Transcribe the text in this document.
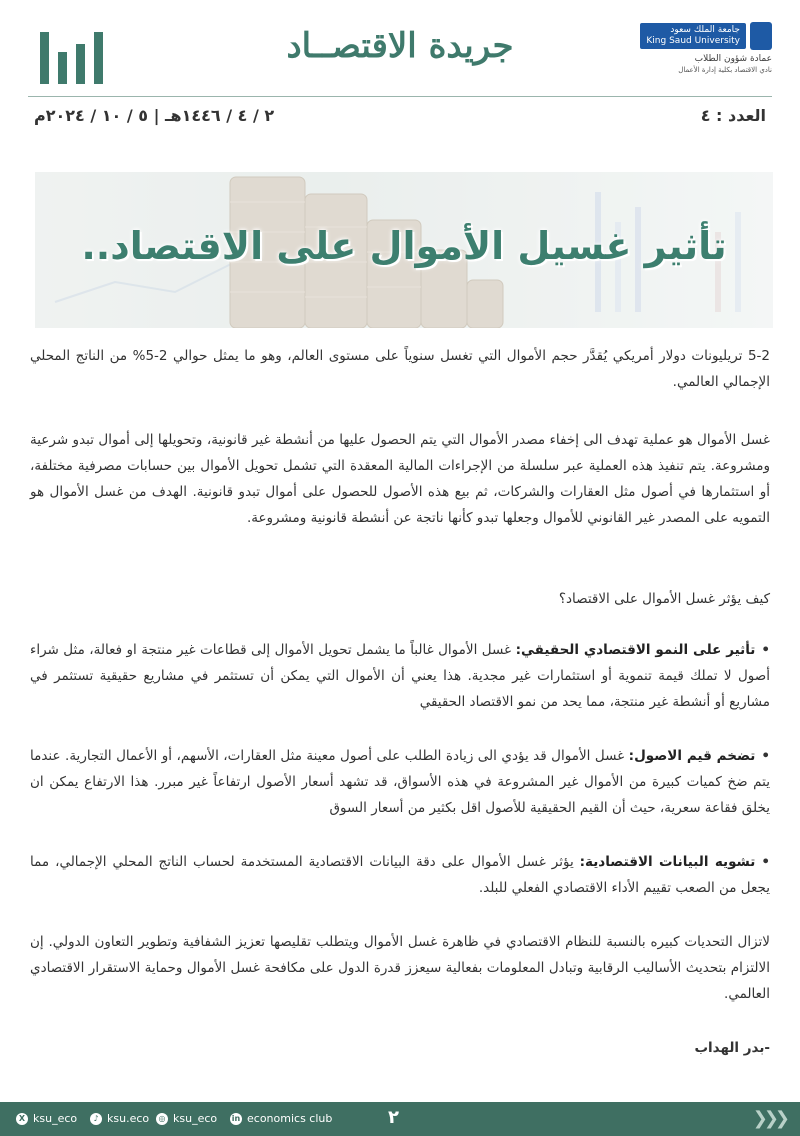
جريدة الاقتصــاد	جامعة الملك سعود
King Saud University
عمادة شؤون الطلاب
نادي الاقتصاد بكلية إدارة الأعمال
العدد : ٤
٢ / ٤ / ١٤٤٦هـ | ٥ / ١٠ / ٢٠٢٤م
تأثير غسيل الأموال على الاقتصاد..

5-2 تريليونات دولار أمريكي يُقدَّر حجم الأموال التي تغسل سنوياً على مستوى العالم، وهو ما يمثل حوالي 2-5% من الناتج المحلي الإجمالي العالمي.

غسل الأموال هو عملية تهدف الى إخفاء مصدر الأموال التي يتم الحصول عليها من أنشطة غير قانونية، وتحويلها إلى أموال تبدو شرعية ومشروعة. يتم تنفيذ هذه العملية عبر سلسلة من الإجراءات المالية المعقدة التي تشمل تحويل الأموال بين حسابات مصرفية مختلفة، أو استثمارها في أصول مثل العقارات والشركات، ثم بيع هذه الأصول للحصول على أموال تبدو قانونية. الهدف من غسل الأموال هو التمويه على المصدر غير القانوني للأموال وجعلها تبدو كأنها ناتجة عن أنشطة قانونية ومشروعة.

كيف يؤثر غسل الأموال على الاقتصاد؟

•تأثير على النمو الاقتصادي الحقيقي: غسل الأموال غالباً ما يشمل تحويل الأموال إلى قطاعات غير منتجة او فعالة، مثل شراء أصول لا تملك قيمة تنموية أو استثمارات غير مجدية. هذا يعني أن الأموال التي يمكن أن تستثمر في مشاريع حقيقية تستثمر في مشاريع أو أنشطة غير منتجة، مما يحد من نمو الاقتصاد الحقيقي

•تضخم قيم الاصول: غسل الأموال قد يؤدي الى زيادة الطلب على أصول معينة مثل العقارات، الأسهم، أو الأعمال التجارية. عندما يتم ضخ كميات كبيرة من الأموال غير المشروعة في هذه الأسواق، قد تشهد أسعار الأصول ارتفاعاً غير مبرر. هذا الارتفاع يمكن ان يخلق فقاعة سعرية، حيث أن القيم الحقيقية للأصول اقل بكثير من أسعار السوق

•تشويه البيانات الاقتصادية: يؤثر غسل الأموال على دقة البيانات الاقتصادية المستخدمة لحساب الناتج المحلي الإجمالي، مما يجعل من الصعب تقييم الأداء الاقتصادي الفعلي للبلد.

لاتزال التحديات كبيره بالنسبة للنظام الاقتصادي في ظاهرة غسل الأموال ويتطلب تقليصها تعزيز الشفافية وتطوير التعاون الدولي. إن الالتزام بتحديث الأساليب الرقابية وتبادل المعلومات بفعالية سيعزز قدرة الدول على مكافحة غسل الأموال وحماية الاستقرار الاقتصادي العالمي.

-بدر الهداب

X ksu_eco	♪ ksu.eco	◎ ksu_eco in economics club	٢	❯❯❯
